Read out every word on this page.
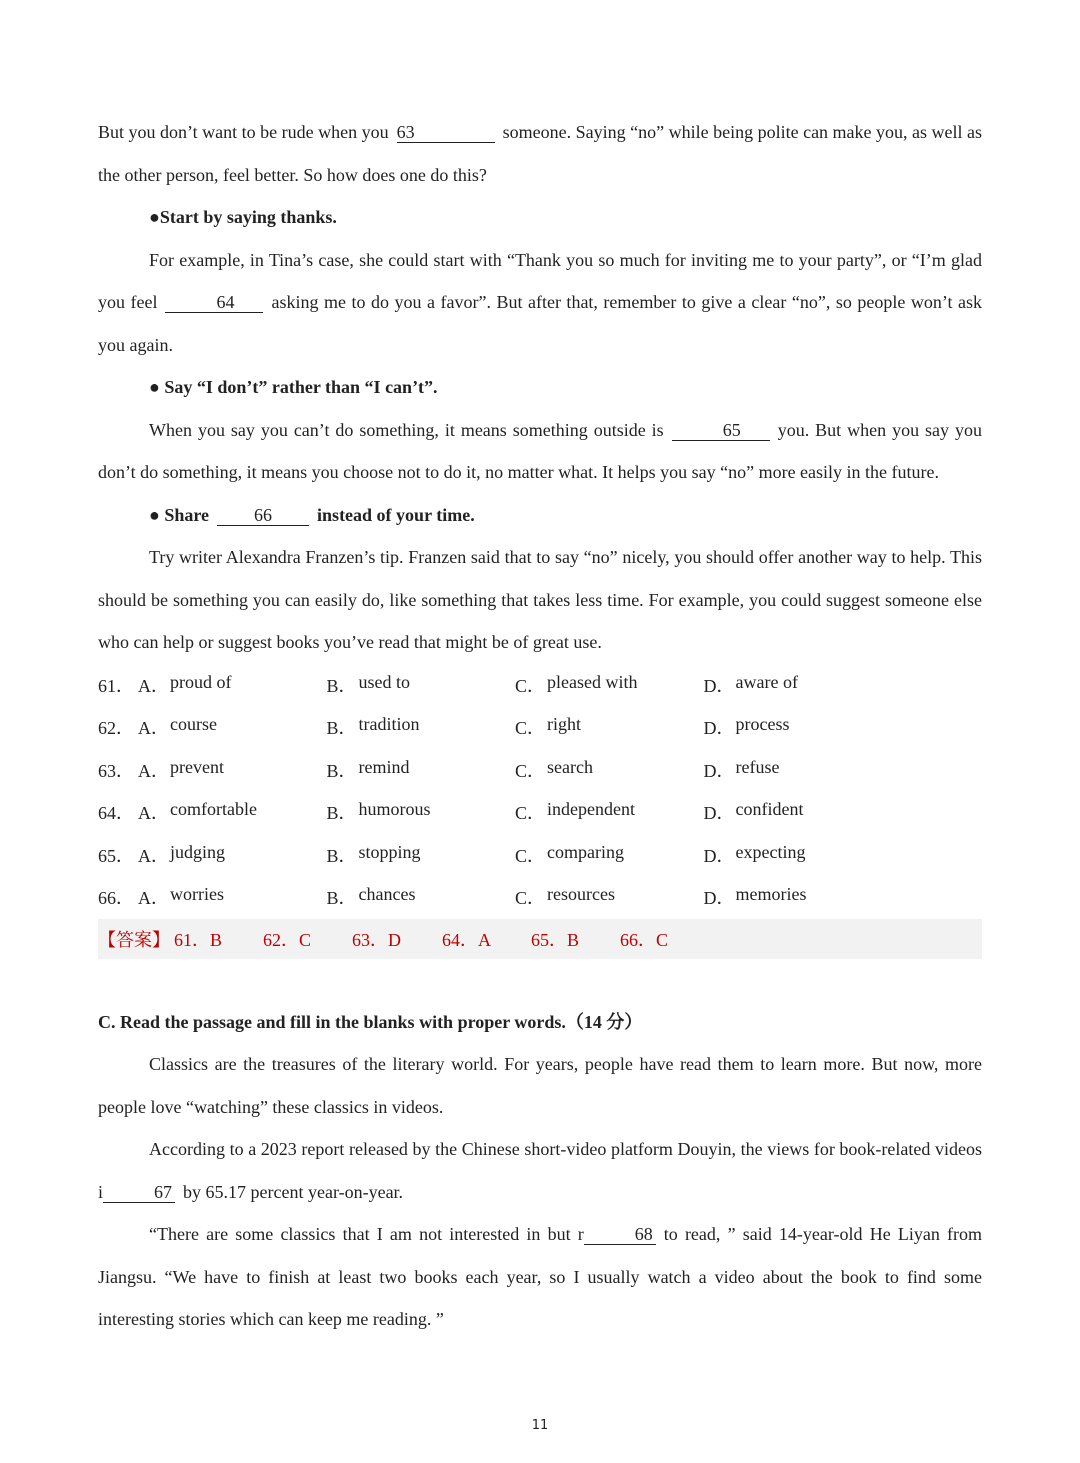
But you don’t want to be rude when you 63	someone. Saying “no” while being polite can make you, as well as the other person, feel better. So how does one do this?

●Start by saying thanks.

For example, in Tina’s case, she could start with “Thank you so much for inviting me to your party”, or “I’m glad you feel	64 asking me to do you a favor”. But after that, remember to give a clear “no”, so people won’t ask you again.

● Say “I don’t” rather than “I can’t”.

When you say you can’t do something, it means something outside is	65 you. But when you say you don’t do something, it means you choose not to do it, no matter what. It helps you say “no” more easily in the future.

● Share	66	instead of your time.

Try writer Alexandra Franzen’s tip. Franzen said that to say “no” nicely, you should offer another way to help. This should be something you can easily do, like something that takes less time. For example, you could suggest someone else who can help or suggest books you’ve read that might be of great use.

61． A． proud of	B． used to	C． pleased with	D． aware of
62． A． course	B． tradition	C． right	D． process
63． A． prevent	B． remind	C． search	D． refuse
64． A． comfortable	B． humorous	C． independent	D． confident
65． A． judging	B． stopping	C． comparing	D． expecting
66． A． worries	B． chances	C． resources	D． memories
【答案】 61．B	62．C	63．D	64．A	65．B	66．C

C. Read the passage and fill in the blanks with proper words.（14 分）

Classics are the treasures of the literary world. For years, people have read them to learn more. But now, more people love “watching” these classics in videos.

According to a 2023 report released by the Chinese short-video platform Douyin, the views for book-related videos i	67 by 65.17 percent year-on-year.

“There are some classics that I am not interested in but r	68 to read, ” said 14-year-old He Liyan from Jiangsu. “We have to finish at least two books each year, so I usually watch a video about the book to find some interesting stories which can keep me reading. ”

11
